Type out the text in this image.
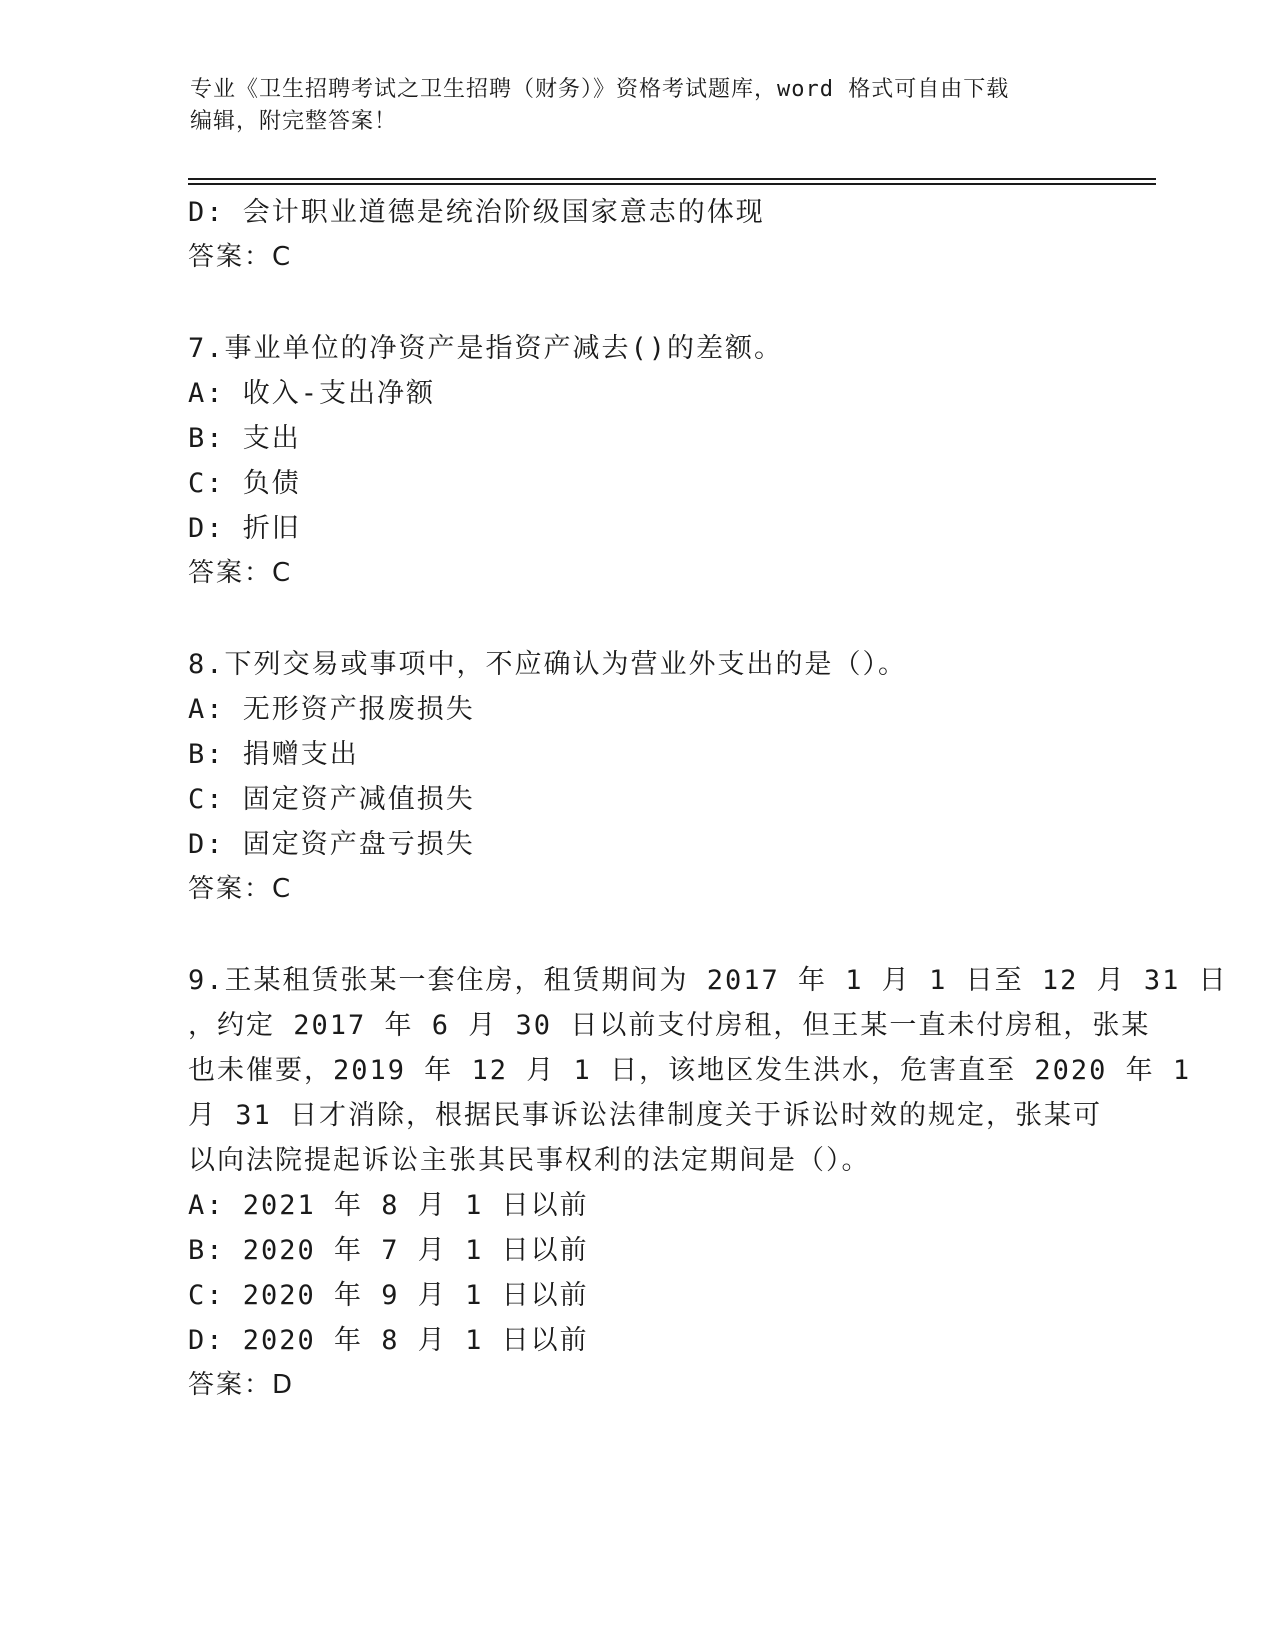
专业《卫生招聘考试之卫生招聘（财务）》资格考试题库，word 格式可自由下载
编辑，附完整答案！
D: 会计职业道德是统治阶级国家意志的体现
答案：C
7.事业单位的净资产是指资产减去()的差额。
A: 收入-支出净额
B: 支出
C: 负债
D: 折旧
答案：C
8.下列交易或事项中，不应确认为营业外支出的是（）。
A: 无形资产报废损失
B: 捐赠支出
C: 固定资产减值损失
D: 固定资产盘亏损失
答案：C
9.王某租赁张某一套住房，租赁期间为 2017 年 1 月 1 日至 12 月 31 日
，约定 2017 年 6 月 30 日以前支付房租，但王某一直未付房租，张某
也未催要，2019 年 12 月 1 日，该地区发生洪水，危害直至 2020 年 1
月 31 日才消除，根据民事诉讼法律制度关于诉讼时效的规定，张某可
以向法院提起诉讼主张其民事权利的法定期间是（）。
A: 2021 年 8 月 1 日以前
B: 2020 年 7 月 1 日以前
C: 2020 年 9 月 1 日以前
D: 2020 年 8 月 1 日以前
答案：D
